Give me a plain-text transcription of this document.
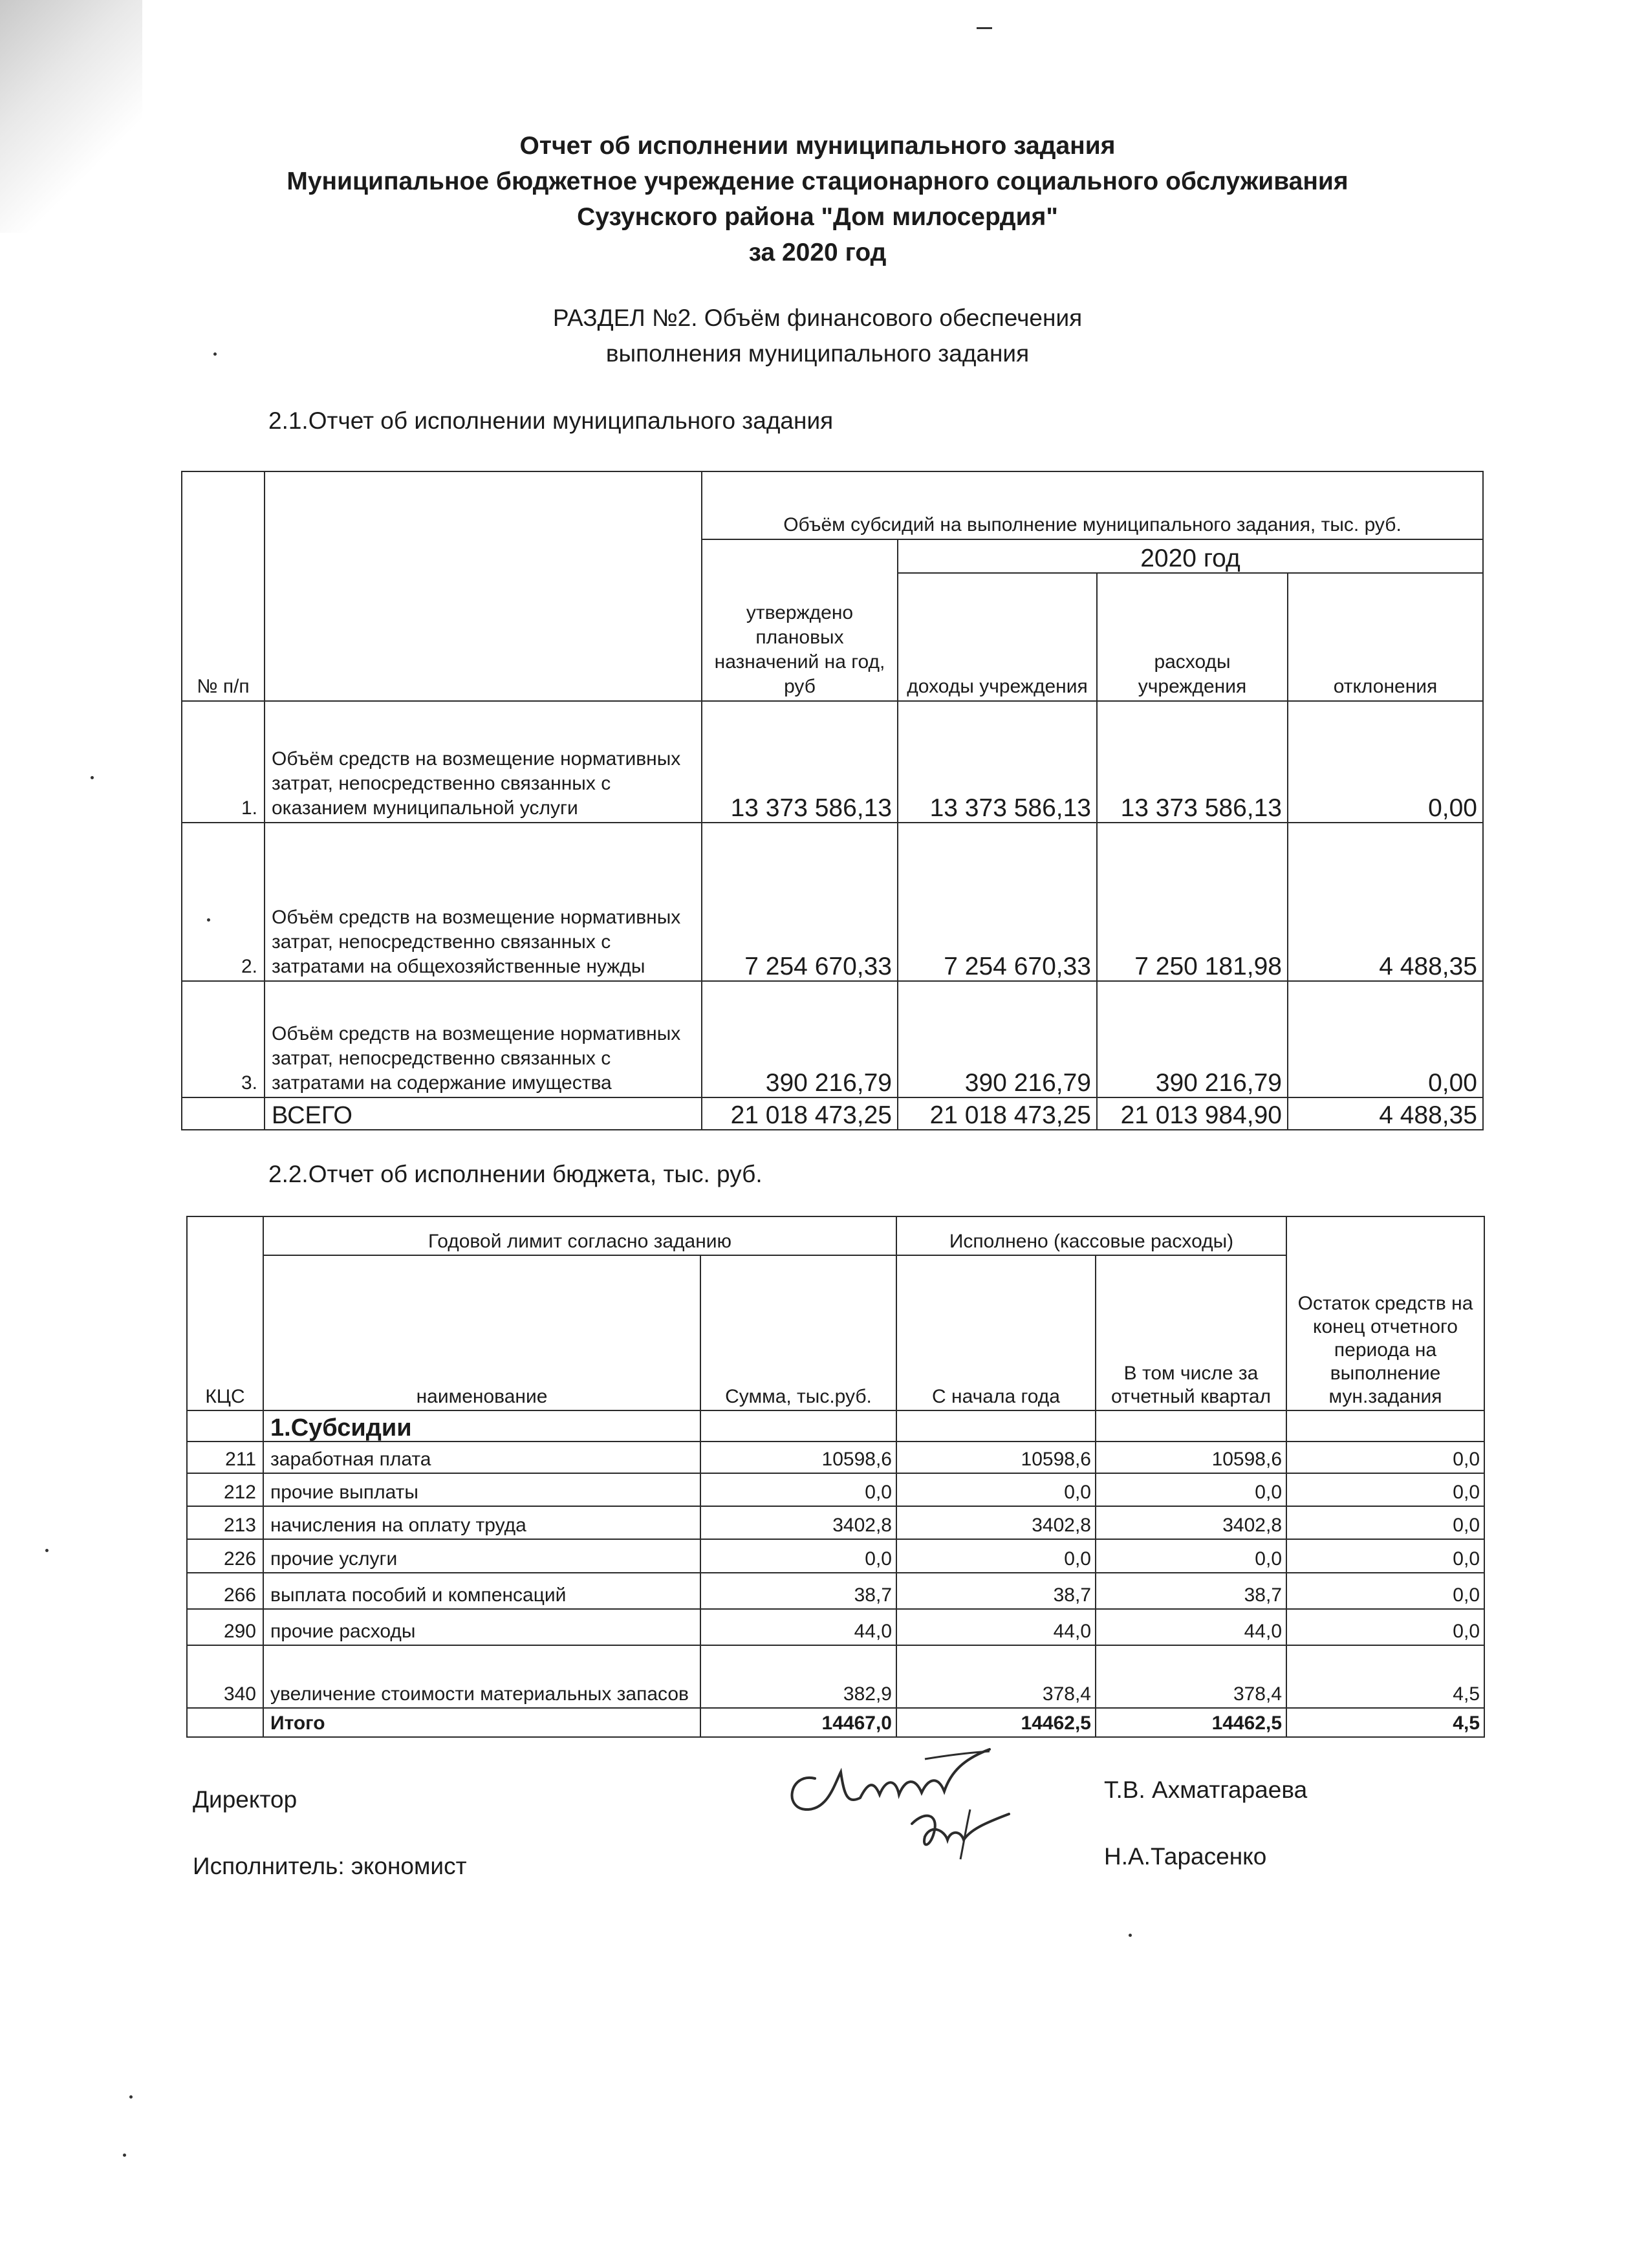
Отчет об исполнении муниципального задания
Муниципальное бюджетное учреждение стационарного социального обслуживания
Сузунского района "Дом милосердия"
за 2020 год
РАЗДЕЛ №2. Объём финансового обеспечения
выполнения муниципального задания
2.1.Отчет об исполнении муниципального задания
№ п/п		Объём субсидий на выполнение муниципального задания, тыс. руб.			
		утверждено плановых назначений на год, руб	2020 год		
			доходы учреждения	расходы учреждения	отклонения
1.	Объём средств на возмещение нормативных затрат, непосредственно связанных с оказанием муниципальной услуги	13 373 586,13	13 373 586,13	13 373 586,13	0,00
2.	Объём средств на возмещение нормативных затрат, непосредственно связанных с затратами на общехозяйственные нужды	7 254 670,33	7 254 670,33	7 250 181,98	4 488,35
3.	Объём средств на возмещение нормативных затрат, непосредственно связанных с затратами на содержание имущества	390 216,79	390 216,79	390 216,79	0,00
	ВСЕГО	21 018 473,25	21 018 473,25	21 013 984,90	4 488,35
2.2.Отчет об исполнении бюджета, тыс. руб.
КЦС	Годовой лимит согласно заданию		Исполнено (кассовые расходы)		Остаток средств на конец отчетного периода на выполнение мун.задания
	наименование	Сумма, тыс.руб.	С начала года	В том числе за отчетный квартал	
	1.Субсидии				
211	заработная плата	10598,6	10598,6	10598,6	0,0
212	прочие выплаты	0,0	0,0	0,0	0,0
213	начисления на оплату труда	3402,8	3402,8	3402,8	0,0
226	прочие услуги	0,0	0,0	0,0	0,0
266	выплата пособий и компенсаций	38,7	38,7	38,7	0,0
290	прочие расходы	44,0	44,0	44,0	0,0
340	увеличение стоимости материальных запасов	382,9	378,4	378,4	4,5
	Итого	14467,0	14462,5	14462,5	4,5
Директор	Т.В. Ахматгараева
Исполнитель: экономист	Н.А.Тарасенко
